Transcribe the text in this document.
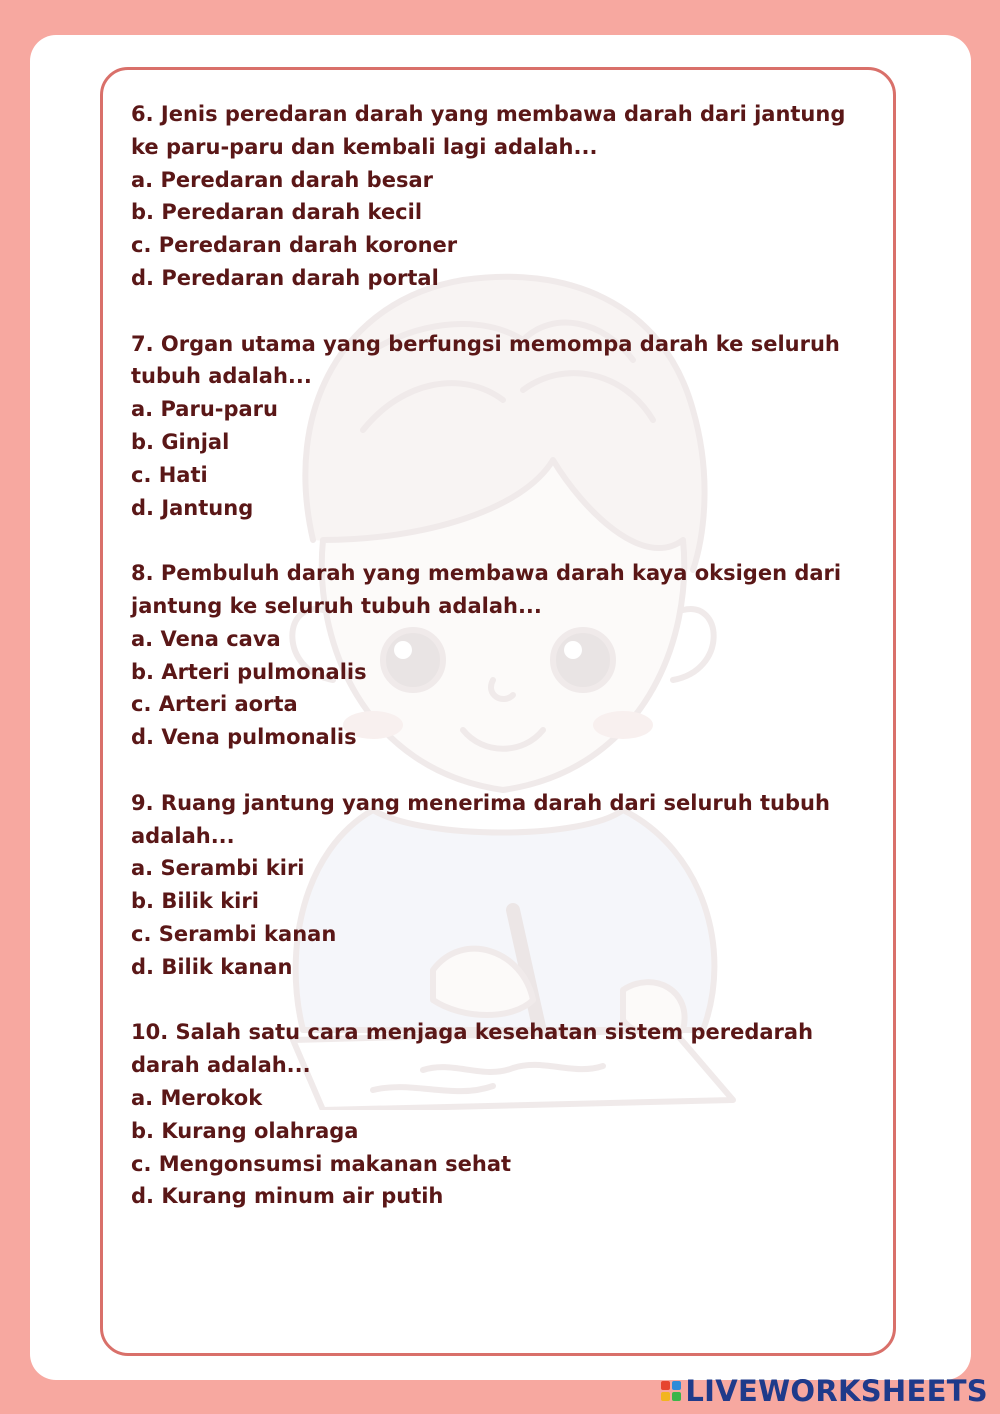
6. Jenis peredaran darah yang membawa darah dari jantung ke paru-paru dan kembali lagi adalah...
a. Peredaran darah besar
b. Peredaran darah kecil
c. Peredaran darah koroner
d. Peredaran darah portal
7. Organ utama yang berfungsi memompa darah ke seluruh tubuh adalah...
a. Paru-paru
b. Ginjal
c. Hati
d. Jantung
8. Pembuluh darah yang membawa darah kaya oksigen dari jantung ke seluruh tubuh adalah...
a. Vena cava
b. Arteri pulmonalis
c. Arteri aorta
d. Vena pulmonalis
9. Ruang jantung yang menerima darah dari seluruh tubuh adalah...
a. Serambi kiri
b. Bilik kiri
c. Serambi kanan
d. Bilik kanan
10. Salah satu cara menjaga kesehatan sistem peredarah darah adalah...
a. Merokok
b. Kurang olahraga
c. Mengonsumsi makanan sehat
d. Kurang minum air putih
LIVEWORKSHEETS
